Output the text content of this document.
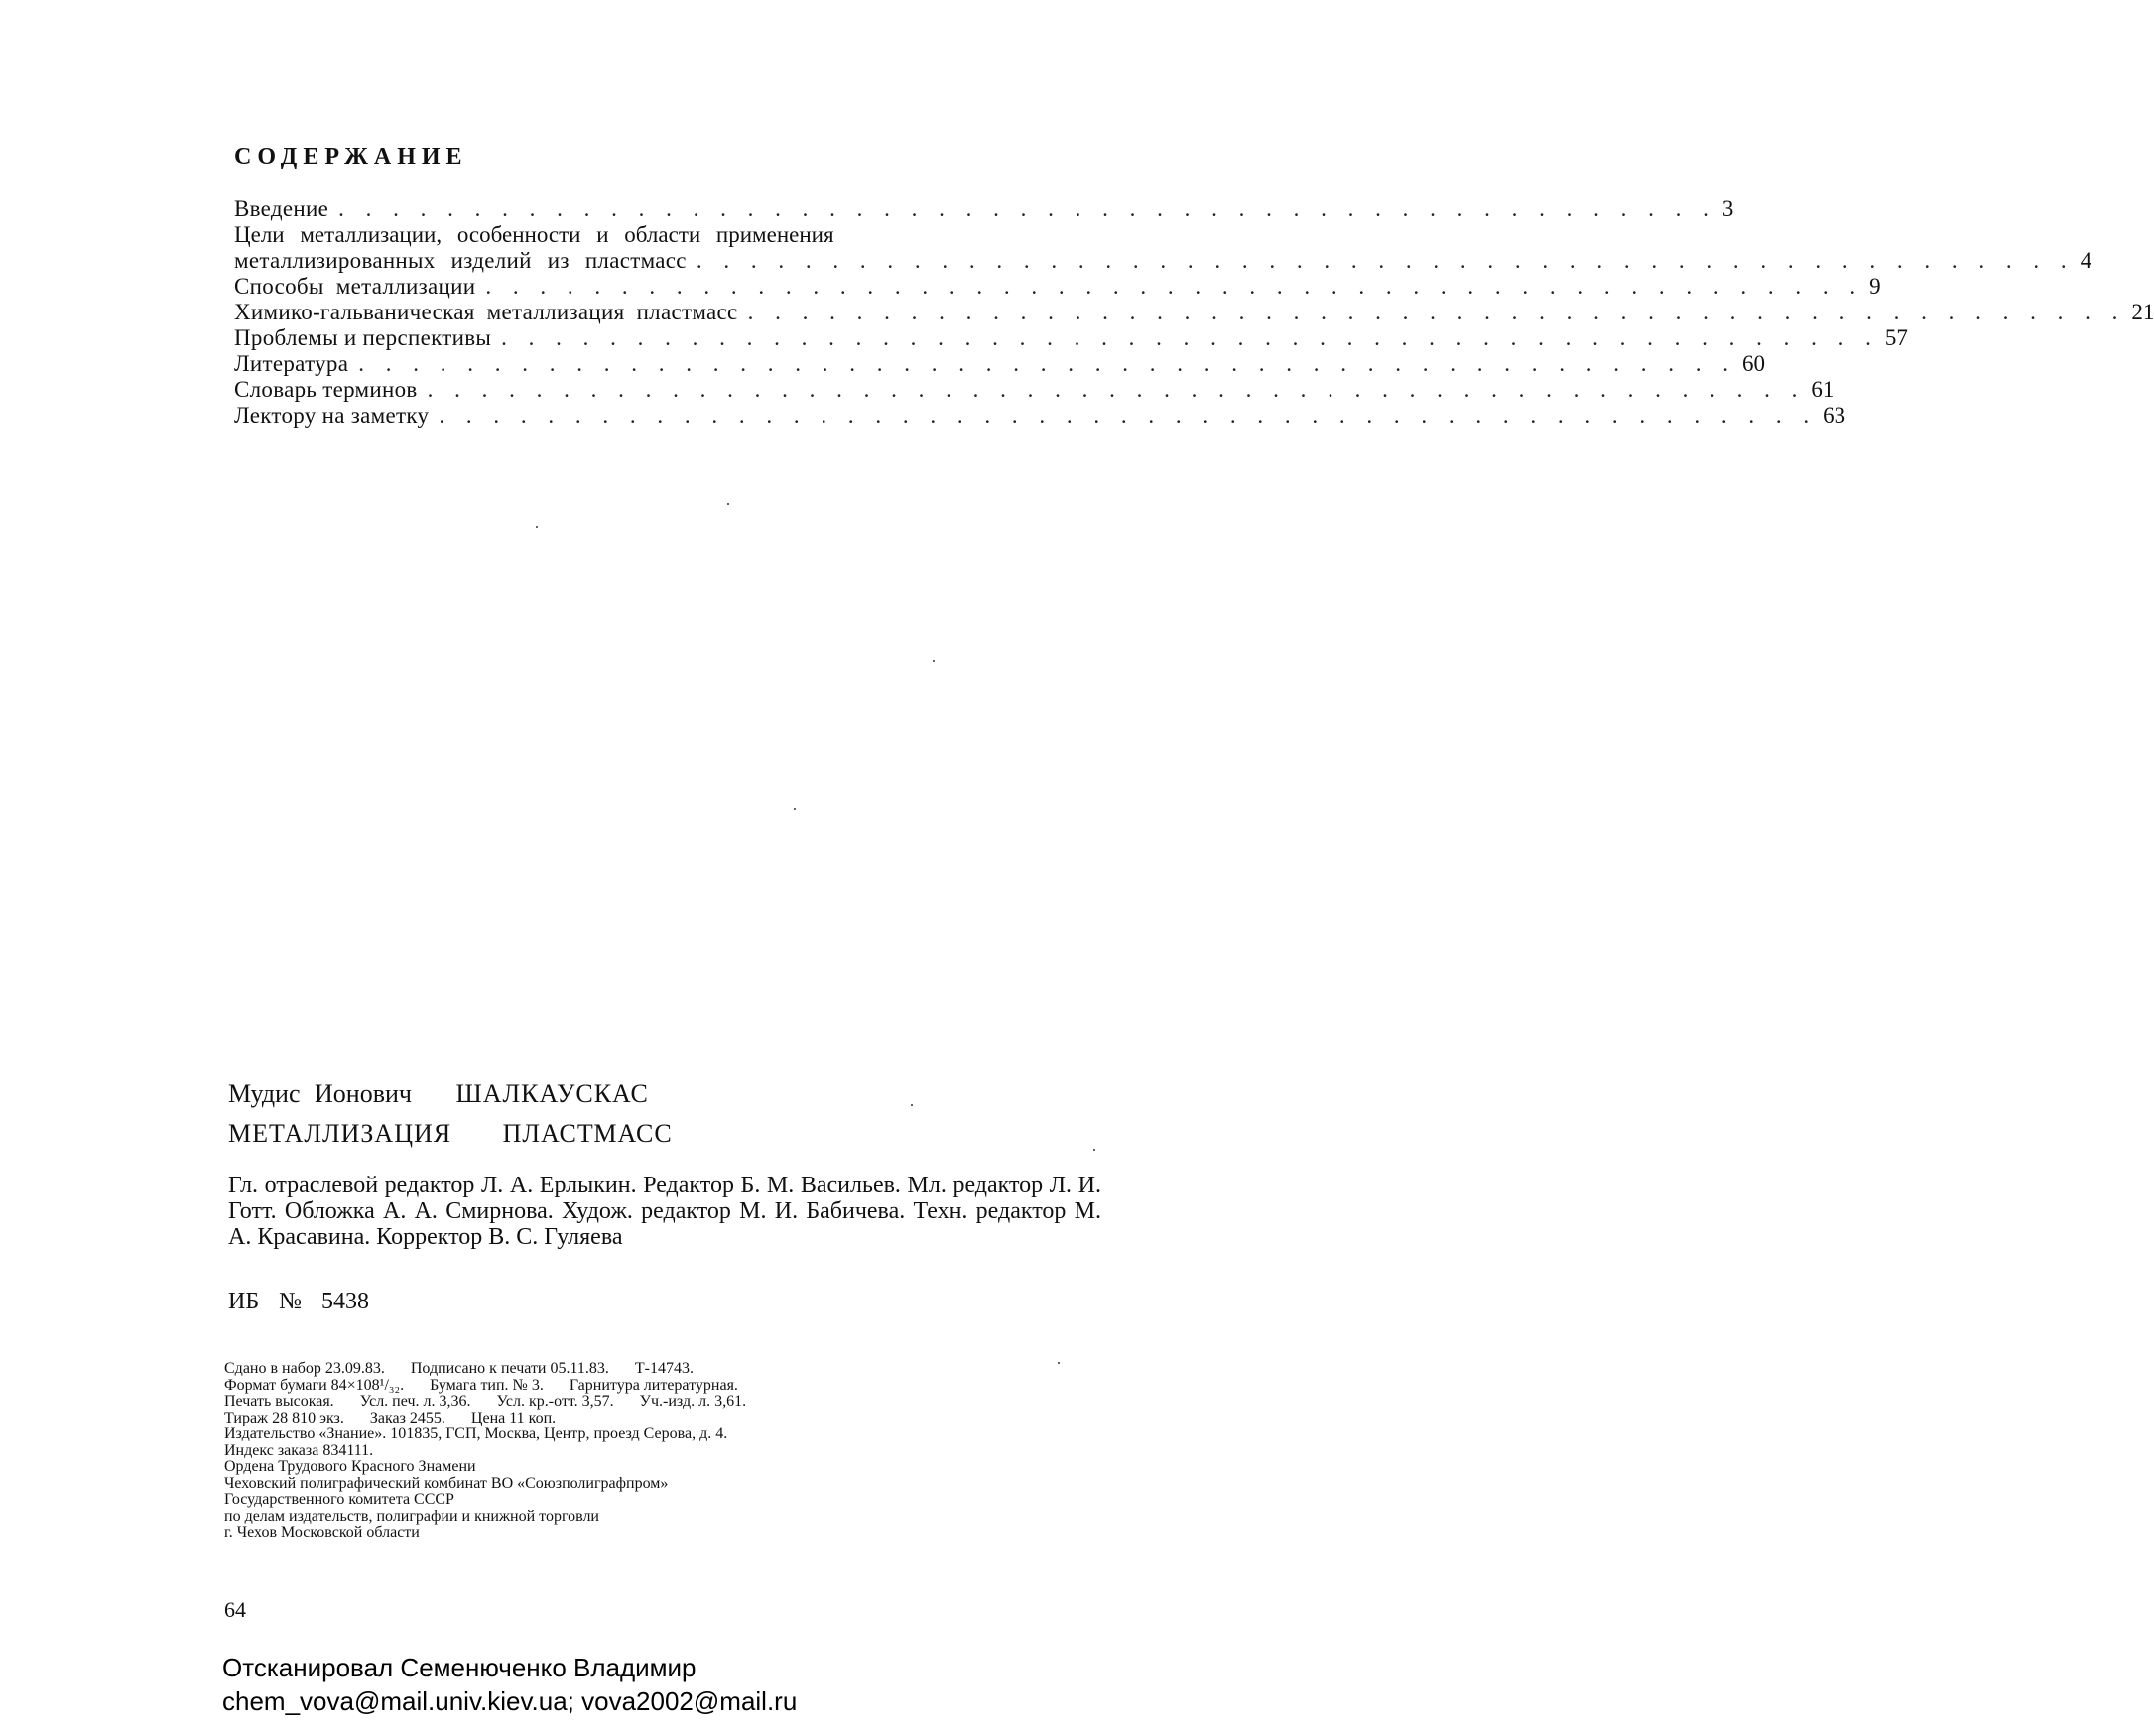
СОДЕРЖАНИЕ
Введение . . . . . . . . . . . . . . . . . . . . . . . . . . . . . . . . . . . . . . . . . . . . . . . . . . . 3
Цели металлизации, особенности и области применения
металлизированных изделий из пластмасс . . . . . . . . . . . . . . . . . . . . . . . . . . . . . . . . . . . . . . . . . . . . . . . . . . . 4
Способы металлизации . . . . . . . . . . . . . . . . . . . . . . . . . . . . . . . . . . . . . . . . . . . . . . . . . . . 9
Химико-гальваническая металлизация пластмасс . . . . . . . . . . . . . . . . . . . . . . . . . . . . . . . . . . . . . . . . . . . . . . . . . . . 21
Проблемы и перспективы . . . . . . . . . . . . . . . . . . . . . . . . . . . . . . . . . . . . . . . . . . . . . . . . . . . 57
Литература . . . . . . . . . . . . . . . . . . . . . . . . . . . . . . . . . . . . . . . . . . . . . . . . . . . 60
Словарь терминов . . . . . . . . . . . . . . . . . . . . . . . . . . . . . . . . . . . . . . . . . . . . . . . . . . . 61
Лектору на заметку . . . . . . . . . . . . . . . . . . . . . . . . . . . . . . . . . . . . . . . . . . . . . . . . . . . 63
Мудис Ионович ШАЛКАУСКАС
МЕТАЛЛИЗАЦИЯ ПЛАСТМАСС
Гл. отраслевой редактор Л. А. Ерлыкин. Редактор Б. М. Васильев. Мл. редактор Л. И. Готт. Обложка А. А. Смирнова. Худож. редактор М. И. Бабичева. Техн. редактор М. А. Красавина. Корректор В. С. Гуляева
ИБ № 5438
Сдано в набор 23.09.83. Подписано к печати 05.11.83. Т-14743.
Формат бумаги 84×108¹/₃₂. Бумага тип. № 3. Гарнитура литературная.
Печать высокая. Усл. печ. л. 3,36. Усл. кр.-отт. 3,57. Уч.-изд. л. 3,61.
Тираж 28 810 экз. Заказ 2455. Цена 11 коп.
Издательство «Знание». 101835, ГСП, Москва, Центр, проезд Серова, д. 4.
Индекс заказа 834111.
Ордена Трудового Красного Знамени
Чеховский полиграфический комбинат ВО «Союзполиграфпром»
Государственного комитета СССР
по делам издательств, полиграфии и книжной торговли
г. Чехов Московской области
64
Отсканировал Семенюченко Владимир
chem_vova@mail.univ.kiev.ua; vova2002@mail.ru
